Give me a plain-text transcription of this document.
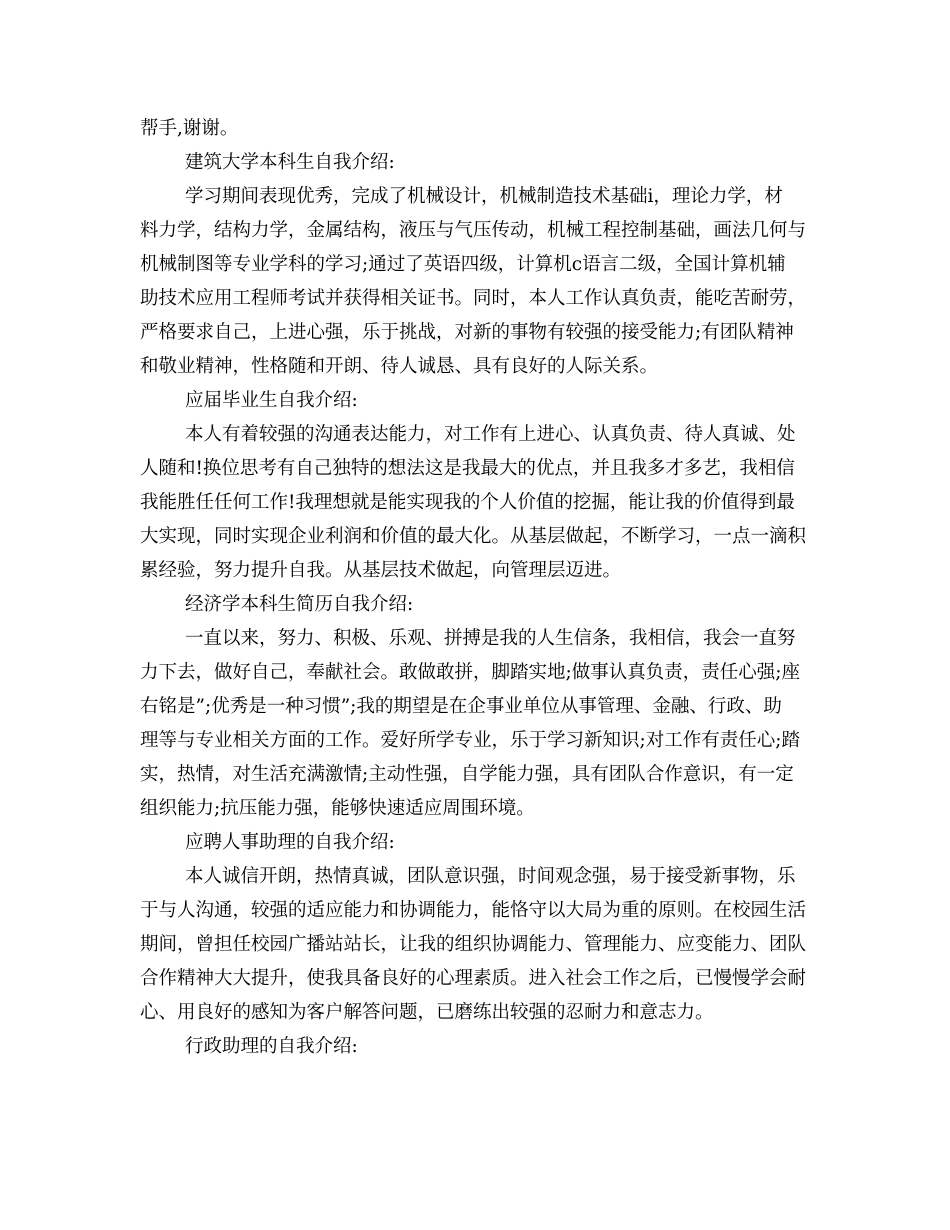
帮手,谢谢。
建筑大学本科生自我介绍:
学习期间表现优秀，完成了机械设计，机械制造技术基础ⅰ，理论力学，材
料力学，结构力学，金属结构，液压与气压传动，机械工程控制基础，画法几何与
机械制图等专业学科的学习;通过了英语四级，计算机c语言二级，全国计算机辅
助技术应用工程师考试并获得相关证书。同时，本人工作认真负责，能吃苦耐劳，
严格要求自己，上进心强，乐于挑战，对新的事物有较强的接受能力;有团队精神
和敬业精神，性格随和开朗、待人诚恳、具有良好的人际关系。
应届毕业生自我介绍:
本人有着较强的沟通表达能力，对工作有上进心、认真负责、待人真诚、处
人随和!换位思考有自己独特的想法这是我最大的优点，并且我多才多艺，我相信
我能胜任任何工作!我理想就是能实现我的个人价值的挖掘，能让我的价值得到最
大实现，同时实现企业利润和价值的最大化。从基层做起，不断学习，一点一滴积
累经验，努力提升自我。从基层技术做起，向管理层迈进。
经济学本科生简历自我介绍:
一直以来，努力、积极、乐观、拼搏是我的人生信条，我相信，我会一直努
力下去，做好自己，奉献社会。敢做敢拼，脚踏实地;做事认真负责，责任心强;座
右铭是”;优秀是一种习惯”;我的期望是在企事业单位从事管理、金融、行政、助
理等与专业相关方面的工作。爱好所学专业，乐于学习新知识;对工作有责任心;踏
实，热情，对生活充满激情;主动性强，自学能力强，具有团队合作意识，有一定
组织能力;抗压能力强，能够快速适应周围环境。
应聘人事助理的自我介绍:
本人诚信开朗，热情真诚，团队意识强，时间观念强，易于接受新事物，乐
于与人沟通，较强的适应能力和协调能力，能恪守以大局为重的原则。在校园生活
期间，曾担任校园广播站站长，让我的组织协调能力、管理能力、应变能力、团队
合作精神大大提升，使我具备良好的心理素质。进入社会工作之后，已慢慢学会耐
心、用良好的感知为客户解答问题，已磨练出较强的忍耐力和意志力。
行政助理的自我介绍:
